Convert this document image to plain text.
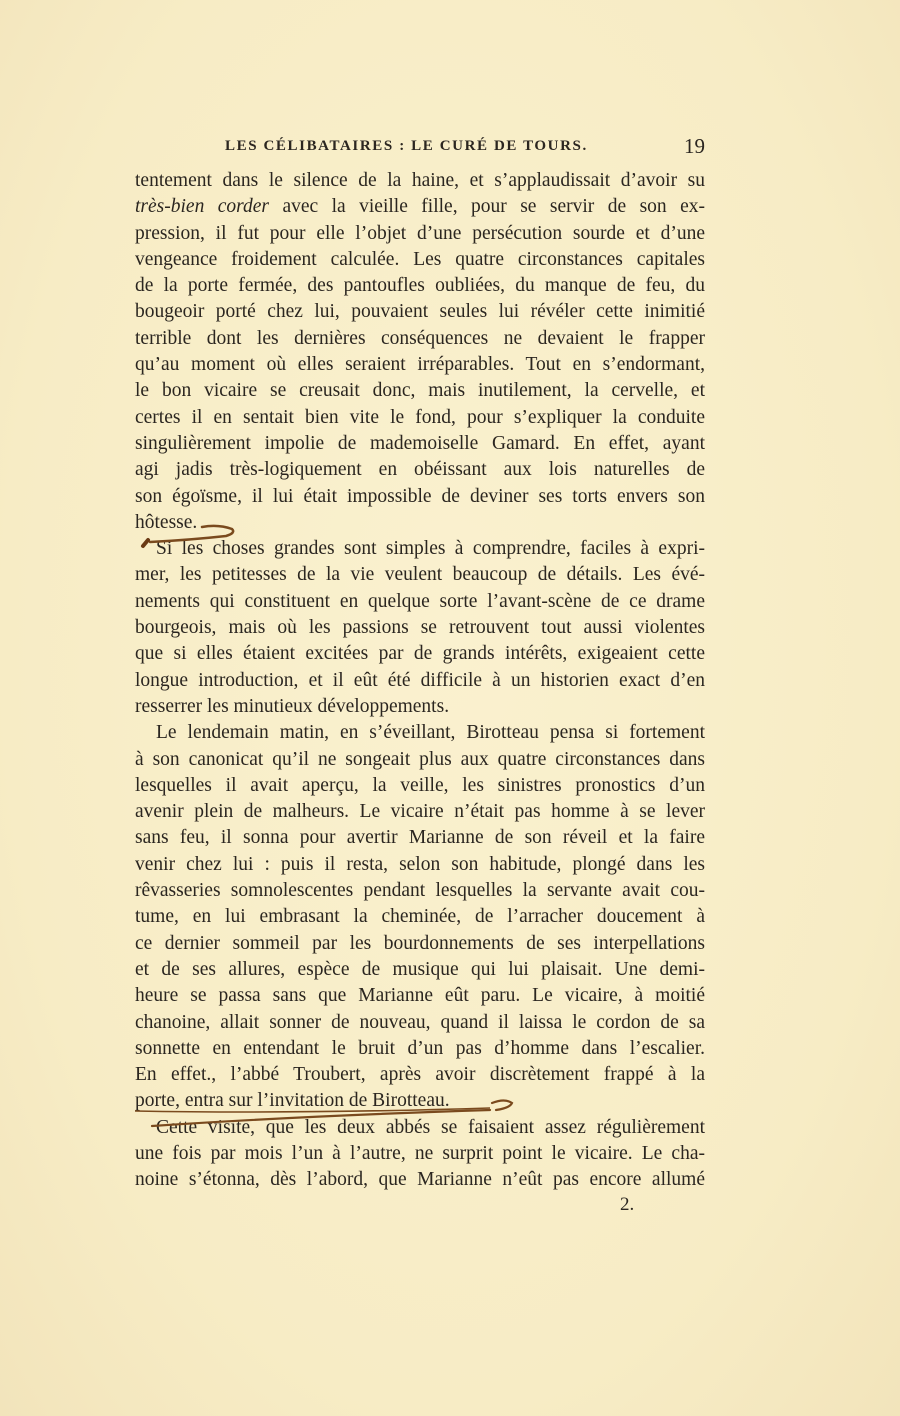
LES CÉLIBATAIRES : LE CURÉ DE TOURS.	19
tentement dans le silence de la haine, et s’applaudissait d’avoir su
très-bien corder avec la vieille fille, pour se servir de son ex-
pression, il fut pour elle l’objet d’une persécution sourde et d’une
vengeance froidement calculée. Les quatre circonstances capitales
de la porte fermée, des pantoufles oubliées, du manque de feu, du
bougeoir porté chez lui, pouvaient seules lui révéler cette inimitié
terrible dont les dernières conséquences ne devaient le frapper
qu’au moment où elles seraient irréparables. Tout en s’endormant,
le bon vicaire se creusait donc, mais inutilement, la cervelle, et
certes il en sentait bien vite le fond, pour s’expliquer la conduite
singulièrement impolie de mademoiselle Gamard. En effet, ayant
agi jadis très-logiquement en obéissant aux lois naturelles de
son égoïsme, il lui était impossible de deviner ses torts envers son
hôtesse.
Si les choses grandes sont simples à comprendre, faciles à expri-
mer, les petitesses de la vie veulent beaucoup de détails. Les évé-
nements qui constituent en quelque sorte l’avant-scène de ce drame
bourgeois, mais où les passions se retrouvent tout aussi violentes
que si elles étaient excitées par de grands intérêts, exigeaient cette
longue introduction, et il eût été difficile à un historien exact d’en
resserrer les minutieux développements.
Le lendemain matin, en s’éveillant, Birotteau pensa si fortement
à son canonicat qu’il ne songeait plus aux quatre circonstances dans
lesquelles il avait aperçu, la veille, les sinistres pronostics d’un
avenir plein de malheurs. Le vicaire n’était pas homme à se lever
sans feu, il sonna pour avertir Marianne de son réveil et la faire
venir chez lui : puis il resta, selon son habitude, plongé dans les
rêvasseries somnolescentes pendant lesquelles la servante avait cou-
tume, en lui embrasant la cheminée, de l’arracher doucement à
ce dernier sommeil par les bourdonnements de ses interpellations
et de ses allures, espèce de musique qui lui plaisait. Une demi-
heure se passa sans que Marianne eût paru. Le vicaire, à moitié
chanoine, allait sonner de nouveau, quand il laissa le cordon de sa
sonnette en entendant le bruit d’un pas d’homme dans l’escalier.
En effet., l’abbé Troubert, après avoir discrètement frappé à la
porte, entra sur l’invitation de Birotteau.
Cette visite, que les deux abbés se faisaient assez régulièrement
une fois par mois l’un à l’autre, ne surprit point le vicaire. Le cha-
noine s’étonna, dès l’abord, que Marianne n’eût pas encore allumé
2.
